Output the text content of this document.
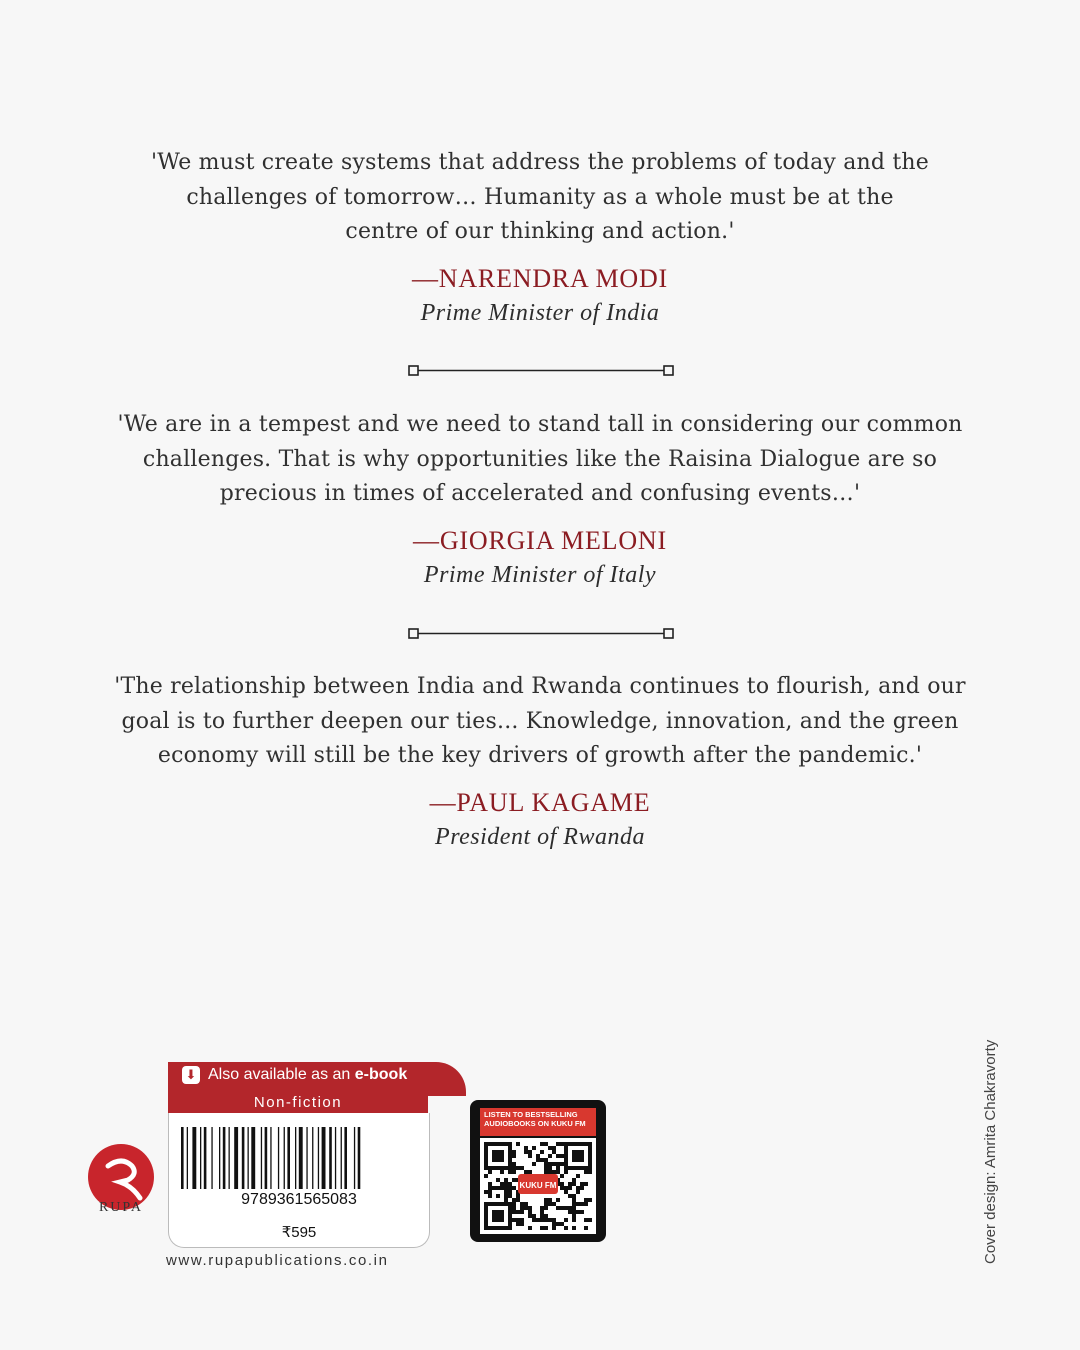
'We must create systems that address the problems of today and the
challenges of tomorrow… Humanity as a whole must be at the
centre of our thinking and action.'
—NARENDRA MODI
Prime Minister of India
'We are in a tempest and we need to stand tall in considering our common
challenges. That is why opportunities like the Raisina Dialogue are so
precious in times of accelerated and confusing events…'
—GIORGIA MELONI
Prime Minister of Italy
'The relationship between India and Rwanda continues to flourish, and our
goal is to further deepen our ties... Knowledge, innovation, and the green
economy will still be the key drivers of growth after the pandemic.'
—PAUL KAGAME
President of Rwanda
RUPA
⬇ Also available as an e-book
Non-fiction
9789361565083
₹595
www.rupapublications.co.in
LISTEN TO BESTSELLING AUDIOBOOKS ON KUKU FM
KUKU FM	Cover design: Amrita Chakravorty
